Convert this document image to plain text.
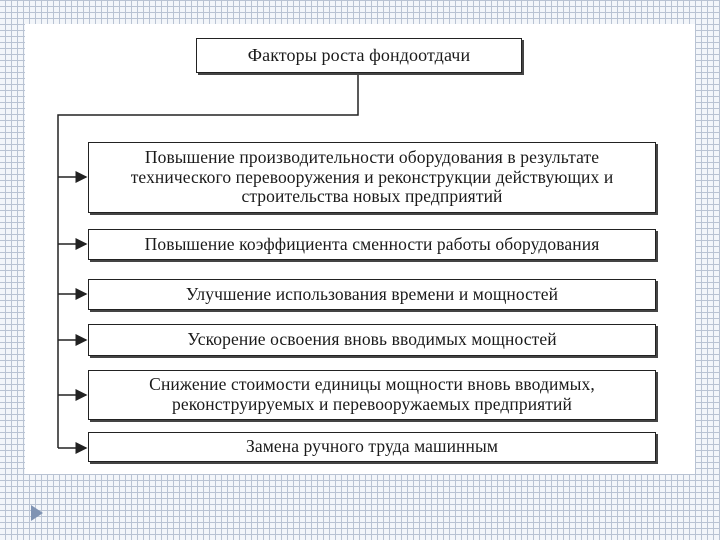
Факторы роста фондоотдачи
Повышение производительности оборудования в результате технического перевооружения и реконструкции действующих и строительства новых предприятий
Повышение коэффициента сменности работы оборудования
Улучшение использования времени и мощностей
Ускорение освоения вновь вводимых мощностей
Снижение стоимости единицы мощности вновь вводимых, реконструируемых и перевооружаемых предприятий
Замена ручного труда машинным
